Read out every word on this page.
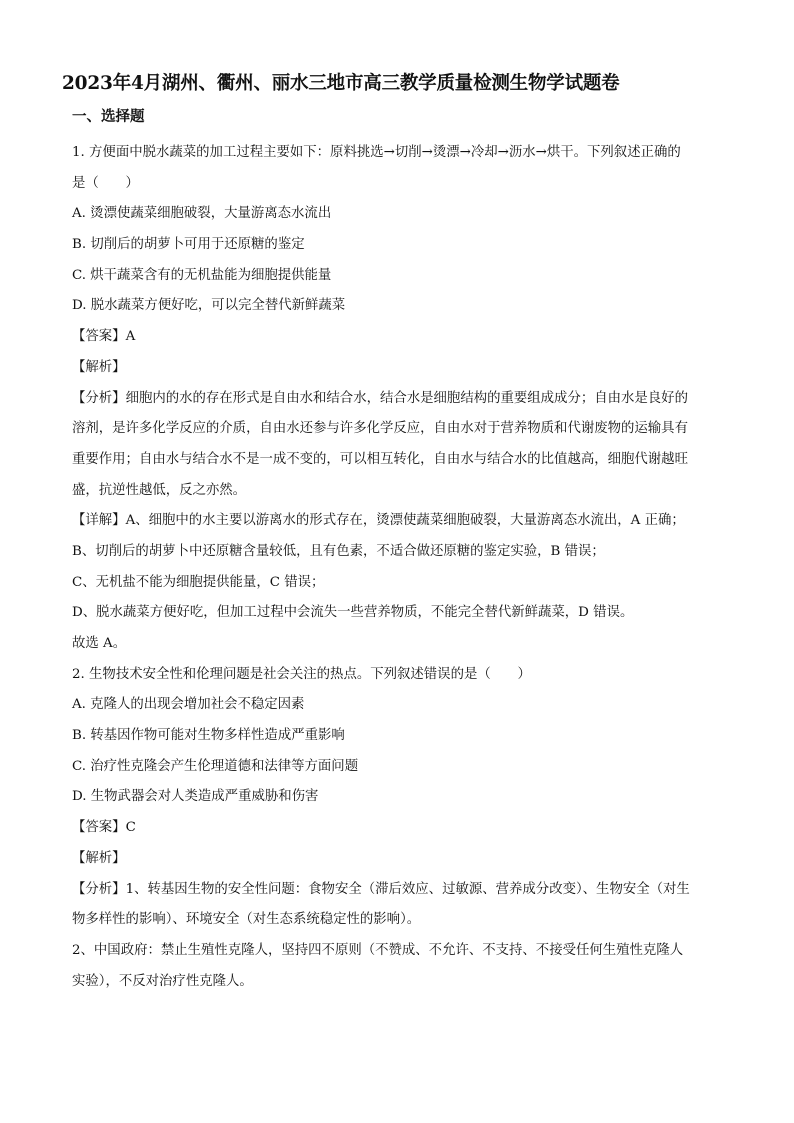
2023年4月湖州、衢州、丽水三地市高三教学质量检测生物学试题卷
一、选择题
1. 方便面中脱水蔬菜的加工过程主要如下：原料挑选→切削→烫漂→冷却→沥水→烘干。下列叙述正确的
是（　　）
A. 烫漂使蔬菜细胞破裂，大量游离态水流出
B. 切削后的胡萝卜可用于还原糖的鉴定
C. 烘干蔬菜含有的无机盐能为细胞提供能量
D. 脱水蔬菜方便好吃，可以完全替代新鲜蔬菜
【答案】A
【解析】
【分析】细胞内的水的存在形式是自由水和结合水，结合水是细胞结构的重要组成成分；自由水是良好的
溶剂，是许多化学反应的介质，自由水还参与许多化学反应，自由水对于营养物质和代谢废物的运输具有
重要作用；自由水与结合水不是一成不变的，可以相互转化，自由水与结合水的比值越高，细胞代谢越旺
盛，抗逆性越低，反之亦然。
【详解】A、细胞中的水主要以游离水的形式存在，烫漂使蔬菜细胞破裂，大量游离态水流出，A 正确；
B、切削后的胡萝卜中还原糖含量较低，且有色素，不适合做还原糖的鉴定实验，B 错误；
C、无机盐不能为细胞提供能量，C 错误；
D、脱水蔬菜方便好吃，但加工过程中会流失一些营养物质，不能完全替代新鲜蔬菜，D 错误。
故选 A。
2. 生物技术安全性和伦理问题是社会关注的热点。下列叙述错误的是（　　）
A. 克隆人的出现会增加社会不稳定因素
B. 转基因作物可能对生物多样性造成严重影响
C. 治疗性克隆会产生伦理道德和法律等方面问题
D. 生物武器会对人类造成严重威胁和伤害
【答案】C
【解析】
【分析】1、转基因生物的安全性问题：食物安全（滞后效应、过敏源、营养成分改变）、生物安全（对生
物多样性的影响）、环境安全（对生态系统稳定性的影响）。
2、中国政府：禁止生殖性克隆人，坚持四不原则（不赞成、不允许、不支持、不接受任何生殖性克隆人
实验），不反对治疗性克隆人。
